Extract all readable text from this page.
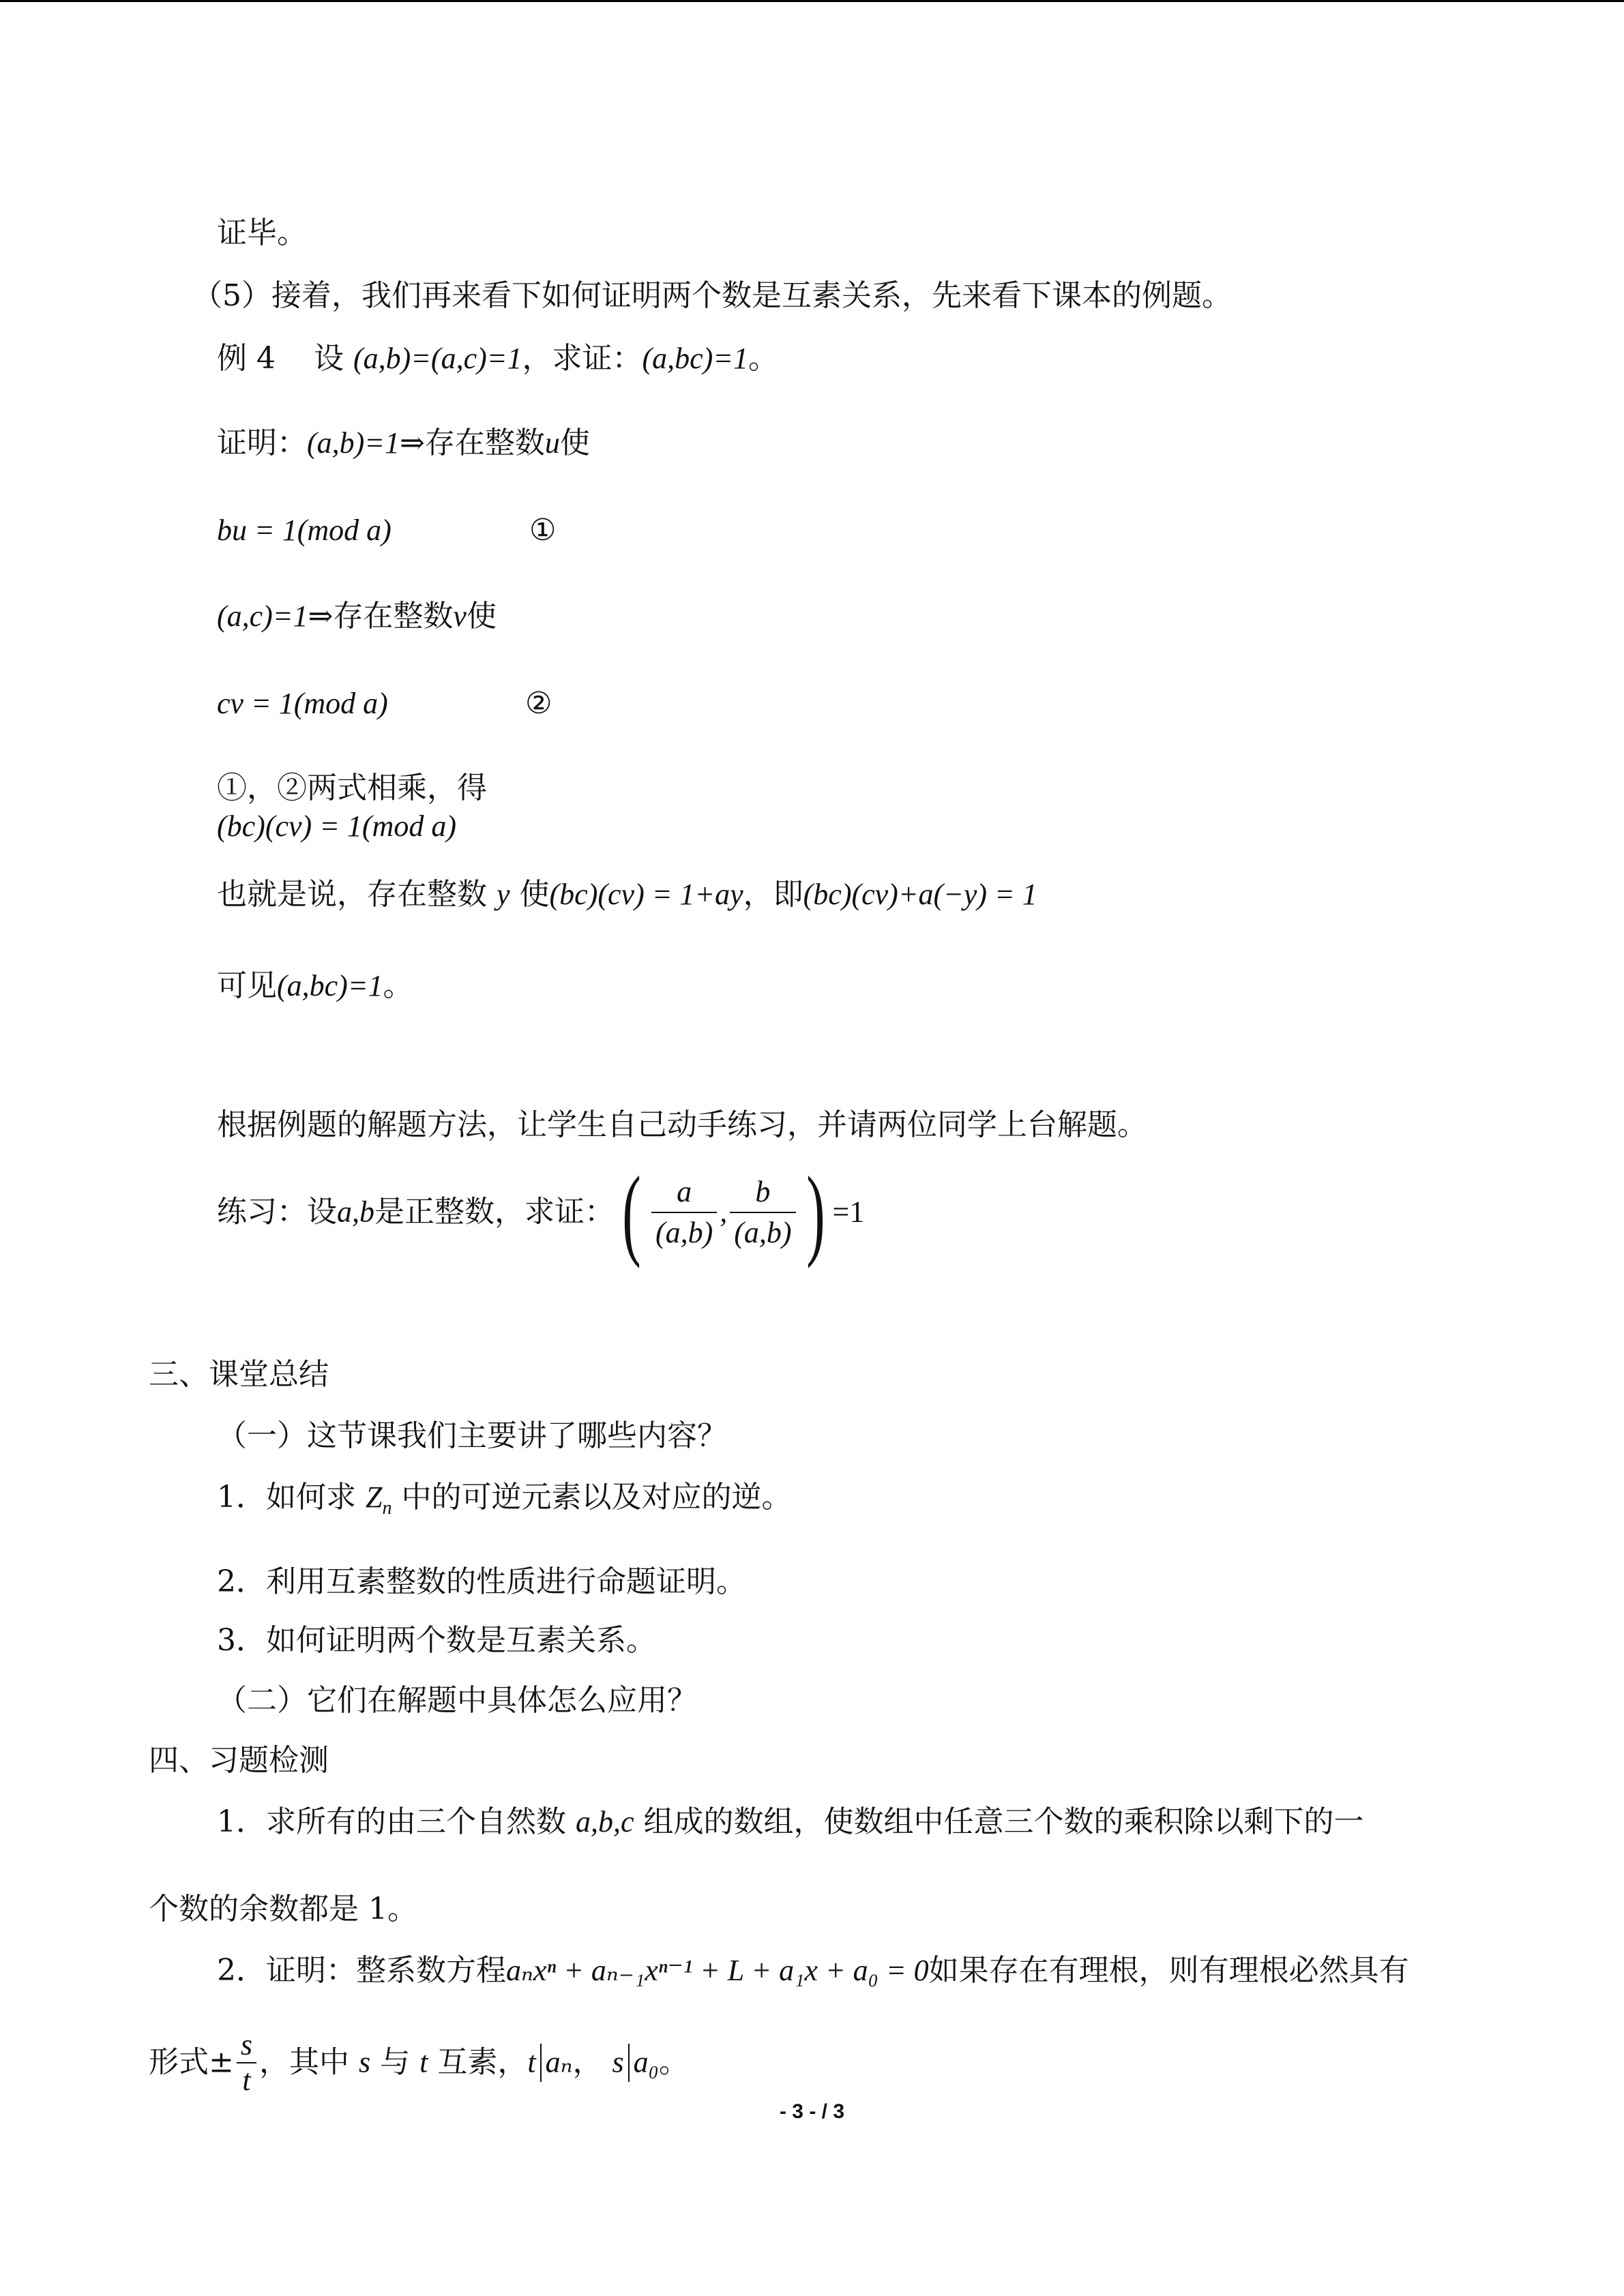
证毕。
（5）接着，我们再来看下如何证明两个数是互素关系，先来看下课本的例题。
例 4 设 (a,b)=(a,c)=1，求证：(a,bc)=1。
证明：(a,b)=1⇒存在整数u使
bu = 1(mod a)	①
(a,c)=1⇒存在整数v使
cv = 1(mod a)	②
①，②两式相乘，得
(bc)(cv) = 1(mod a)
也就是说，存在整数 y 使(bc)(cv) = 1+ay，即(bc)(cv)+a(−y) = 1
可见(a,bc)=1。
根据例题的解题方法，让学生自己动手练习，并请两位同学上台解题。
练习：设a,b是正整数，求证：( $\frac{a}{(a,b)}$ , $\frac{b}{(a,b)}$ ) =1
三、课堂总结
（一）这节课我们主要讲了哪些内容？
1．如何求 $Z_n$ 中的可逆元素以及对应的逆。
2．利用互素整数的性质进行命题证明。
3．如何证明两个数是互素关系。
（二）它们在解题中具体怎么应用？
四、习题检测
1．求所有的由三个自然数 a,b,c 组成的数组，使数组中任意三个数的乘积除以剩下的一
个数的余数都是 1。
2．证明：整系数方程aₙxⁿ + aₙ₋₁xⁿ⁻¹ + L + a₁x + a₀ = 0如果存在有理根，则有理根必然具有
形式± $\frac{s}{t}$ ，其中 s 与 t 互素，t aₙ， s a₀。
- 3 - / 3
